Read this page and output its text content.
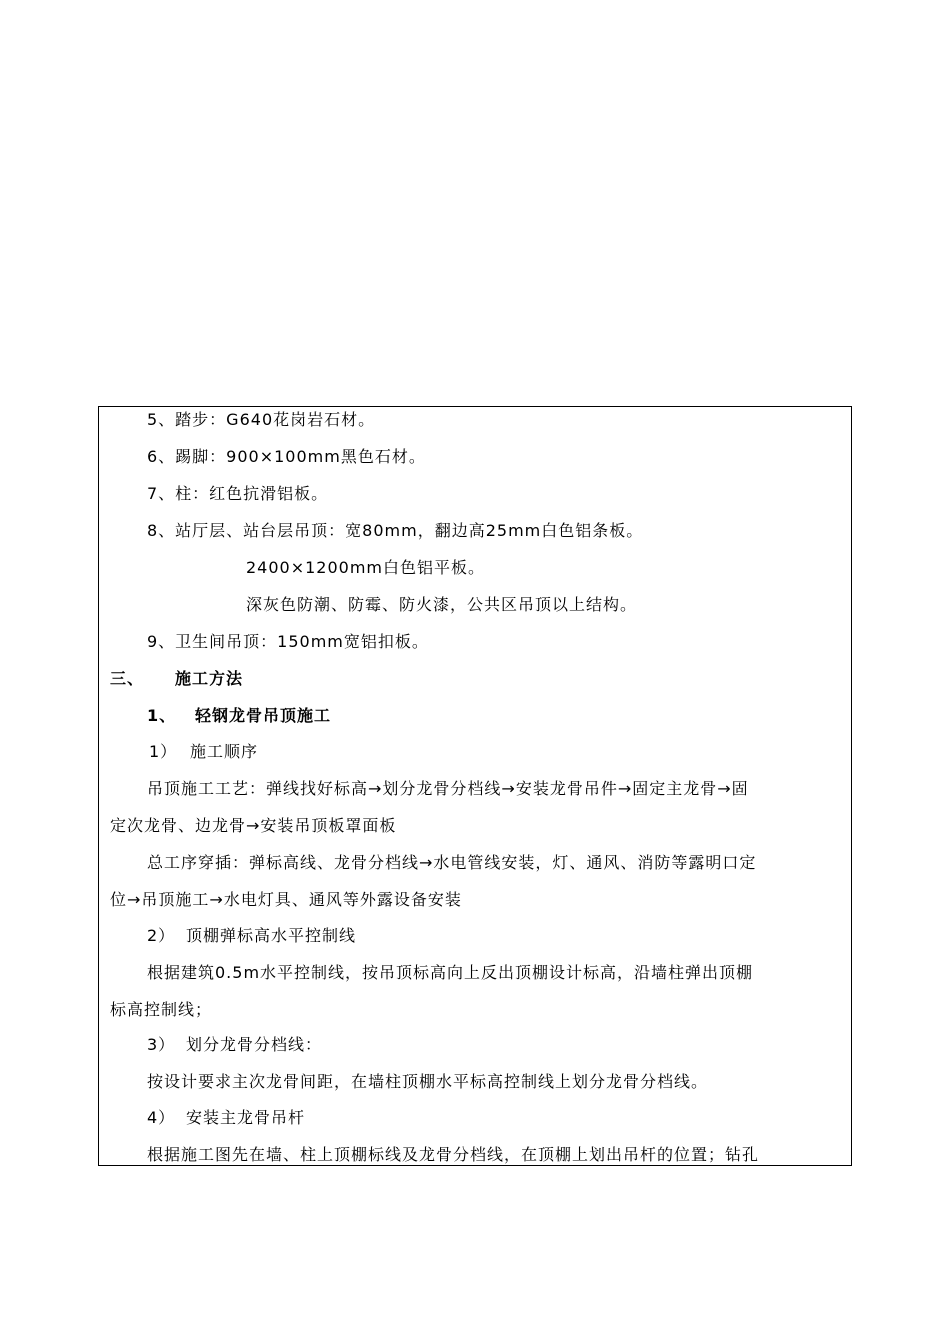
5、踏步：G640花岗岩石材。
6、踢脚：900×100mm黑色石材。
7、柱：红色抗滑铝板。
8、站厅层、站台层吊顶：宽80mm，翻边高25mm白色铝条板。
2400×1200mm白色铝平板。
深灰色防潮、防霉、防火漆，公共区吊顶以上结构。
9、卫生间吊顶：150mm宽铝扣板。
三、 施工方法
1、 轻钢龙骨吊顶施工
1） 施工顺序
吊顶施工工艺：弹线找好标高→划分龙骨分档线→安装龙骨吊件→固定主龙骨→固
定次龙骨、边龙骨→安装吊顶板罩面板
总工序穿插：弹标高线、龙骨分档线→水电管线安装，灯、通风、消防等露明口定
位→吊顶施工→水电灯具、通风等外露设备安装
2） 顶棚弹标高水平控制线
根据建筑0.5m水平控制线，按吊顶标高向上反出顶棚设计标高，沿墙柱弹出顶棚
标高控制线；
3） 划分龙骨分档线：
按设计要求主次龙骨间距，在墙柱顶棚水平标高控制线上划分龙骨分档线。
4） 安装主龙骨吊杆
根据施工图先在墙、柱上顶棚标线及龙骨分档线，在顶棚上划出吊杆的位置；钻孔
